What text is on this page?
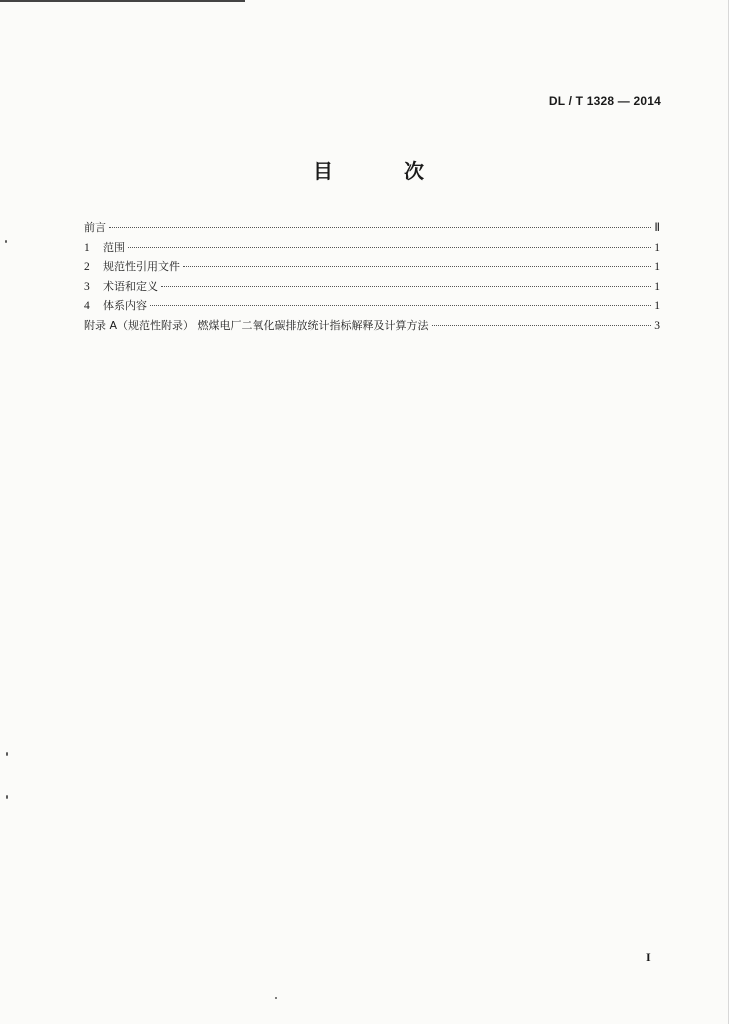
DL / T 1328 — 2014
目 次
前言	Ⅱ
1	范围	1
2	规范性引用文件	1
3	术语和定义	1
4	体系内容	1
附录 A（规范性附录） 燃煤电厂二氧化碳排放统计指标解释及计算方法	3
I
